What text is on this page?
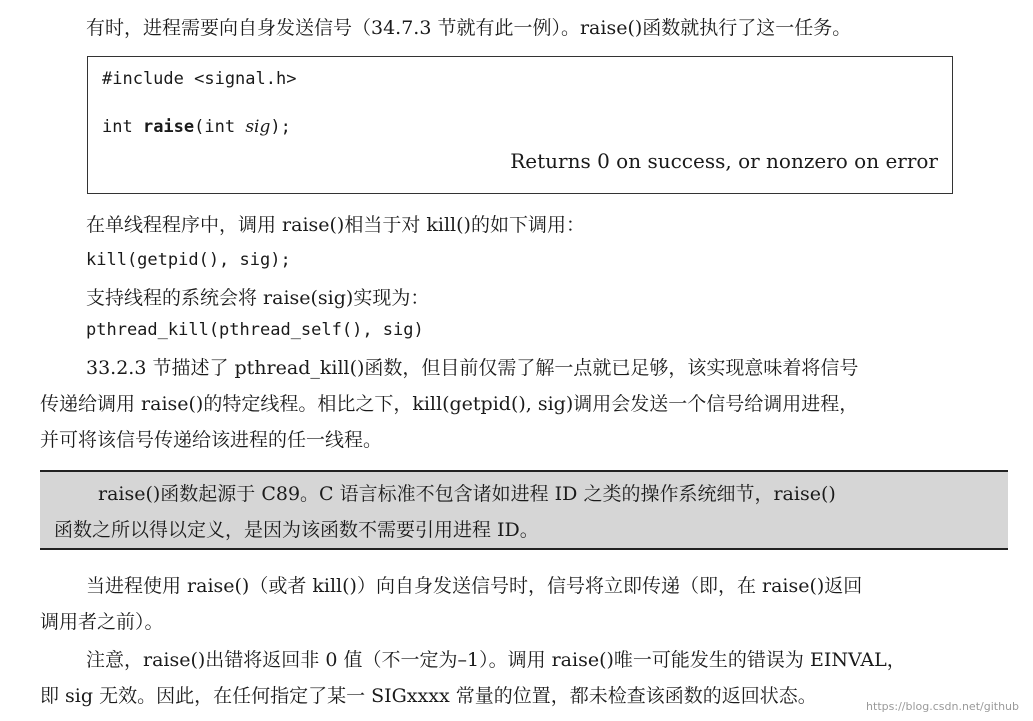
有时，进程需要向自身发送信号（34.7.3 节就有此一例）。raise()函数就执行了这一任务。
#include <signal.h>
int raise(int sig);
Returns 0 on success, or nonzero on error
在单线程程序中，调用 raise()相当于对 kill()的如下调用：
kill(getpid(), sig);
支持线程的系统会将 raise(sig)实现为：
pthread_kill(pthread_self(), sig)
33.2.3 节描述了 pthread_kill()函数，但目前仅需了解一点就已足够，该实现意味着将信号
传递给调用 raise()的特定线程。相比之下，kill(getpid(), sig)调用会发送一个信号给调用进程，
并可将该信号传递给该进程的任一线程。
raise()函数起源于 C89。C 语言标准不包含诸如进程 ID 之类的操作系统细节，raise()
函数之所以得以定义，是因为该函数不需要引用进程 ID。
当进程使用 raise()（或者 kill()）向自身发送信号时，信号将立即传递（即，在 raise()返回
调用者之前）。
注意，raise()出错将返回非 0 值（不一定为–1）。调用 raise()唯一可能发生的错误为 EINVAL，
即 sig 无效。因此，在任何指定了某一 SIGxxxx 常量的位置，都未检查该函数的返回状态。	https://blog.csdn.net/github
